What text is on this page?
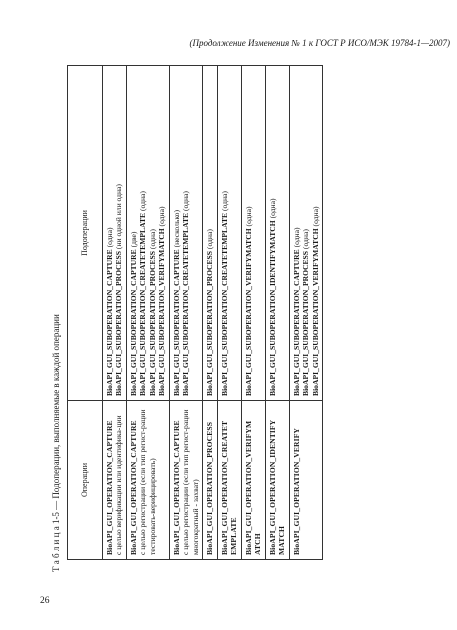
(Продолжение Изменения № 1 к ГОСТ Р ИСО/МЭК 19784-1—2007)
Т а б л и ц а 1-5 — Подоперации, выполняемые в каждой операции	Операции	Подоперации

BioAPI_GUI_OPERATION_CAPTURE с целью верификации или идентифика-ции	BioAPI_GUI_SUBOPERATION_CAPTURE (одна)
BioAPI_GUI_SUBOPERATION_PROCESS (ни одной или одна)

BioAPI_GUI_OPERATION_CAPTURE с целью регистрации (если тип регист-рации тестировать-верифицировать)	BioAPI_GUI_SUBOPERATION_CAPTURE (две) BioAPI_GUI_SUBOPERATION_CREATETEMPLATE (одна)
BioAPI_GUI_SUBOPERATION_PROCESS (одна) BioAPI_GUI_SUBOPERATION_VERIFYMATCH (одна)

BioAPI_GUI_OPERATION_CAPTURE с целью регистрации (если тип регист-рации многократный - захват)	BioAPI_GUI_SUBOPERATION_CAPTURE (несколько) BioAPI_GUI_SUBOPERATION_CREATETEMPLATE (одна)

BioAPI_GUI_OPERATION_PROCESS	BioAPI_GUI_SUBOPERATION_PROCESS (одна)

BioAPI_GUI_OPERATION_CREATET EMPLATE	BioAPI_GUI_SUBOPERATION_CREATETEMPLATE (одна)

BioAPI_GUI_OPERATION_VERIFYM ATCH	BioAPI_GUI_SUBOPERATION_VERIFYMATCH (одна)

BioAPI_GUI_OPERATION_IDENTIFY MATCH	BioAPI_GUI_SUBOPERATION_IDENTIFYMATCH (одна)

BioAPI_GUI_OPERATION_VERIFY	BioAPI_GUI_SUBOPERATION_CAPTURE (одна)
BioAPI_GUI_SUBOPERATION_PROCESS (одна) BioAPI_GUI_SUBOPERATION_VERIFYMATCH (одна)
26
